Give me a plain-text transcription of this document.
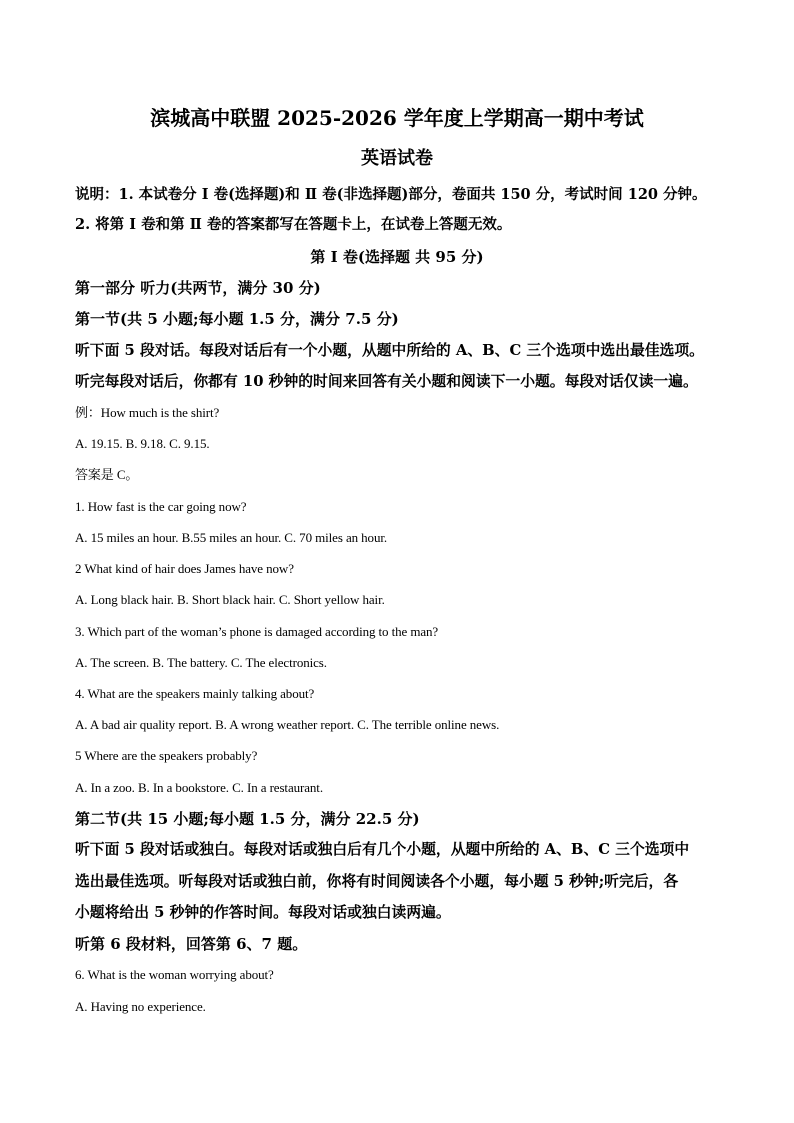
滨城高中联盟 2025-2026 学年度上学期高一期中考试
英语试卷
说明：1. 本试卷分 Ⅰ 卷(选择题)和 Ⅱ 卷(非选择题)部分，卷面共 150 分，考试时间 120 分钟。
2. 将第 Ⅰ 卷和第 Ⅱ 卷的答案都写在答题卡上，在试卷上答题无效。
第 Ⅰ 卷(选择题 共 95 分)
第一部分 听力(共两节，满分 30 分)
第一节(共 5 小题;每小题 1.5 分，满分 7.5 分)
听下面 5 段对话。每段对话后有一个小题，从题中所给的 A、B、C 三个选项中选出最佳选项。
听完每段对话后，你都有 10 秒钟的时间来回答有关小题和阅读下一小题。每段对话仅读一遍。
例：How much is the shirt?
A. 19.15. B. 9.18. C. 9.15.
答案是 C。
1. How fast is the car going now?
A. 15 miles an hour. B.55 miles an hour. C. 70 miles an hour.
2 What kind of hair does James have now?
A. Long black hair. B. Short black hair. C. Short yellow hair.
3. Which part of the woman’s phone is damaged according to the man?
A. The screen. B. The battery. C. The electronics.
4. What are the speakers mainly talking about?
A. A bad air quality report. B. A wrong weather report. C. The terrible online news.
5 Where are the speakers probably?
A. In a zoo. B. In a bookstore. C. In a restaurant.
第二节(共 15 小题;每小题 1.5 分，满分 22.5 分)
听下面 5 段对话或独白。每段对话或独白后有几个小题，从题中所给的 A、B、C 三个选项中
选出最佳选项。听每段对话或独白前，你将有时间阅读各个小题，每小题 5 秒钟;听完后，各
小题将给出 5 秒钟的作答时间。每段对话或独白读两遍。
听第 6 段材料，回答第 6、7 题。
6. What is the woman worrying about?
A. Having no experience.
